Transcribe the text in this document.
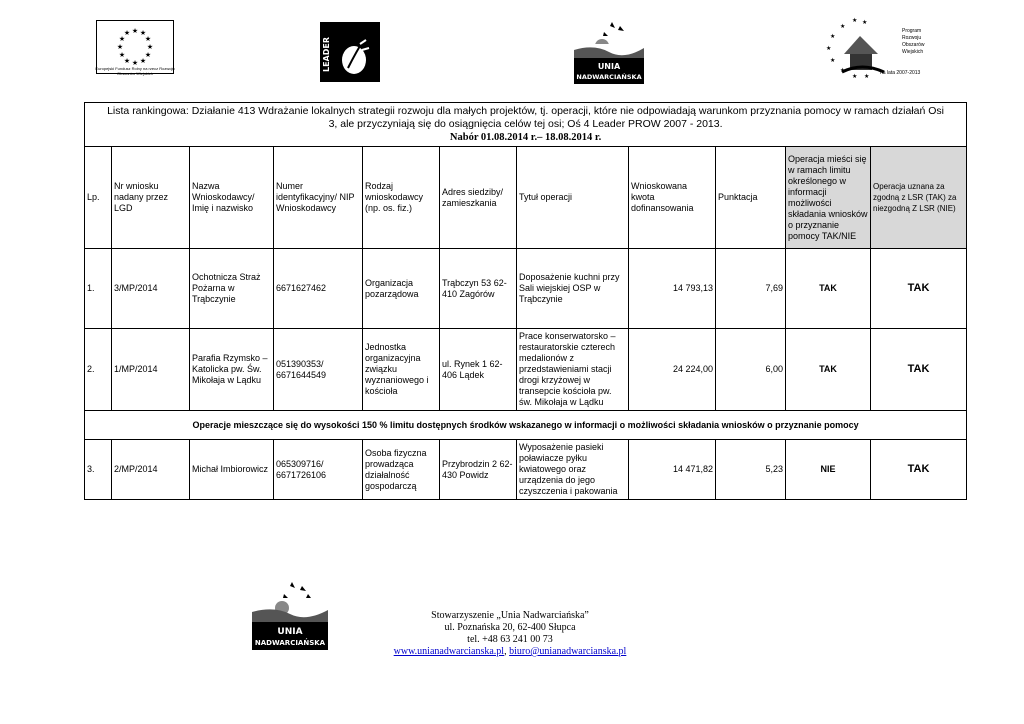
★ ★
★
★
★
★
★
★
★
★
★
★
Europejski Fundusz Rolny na rzecz Rozwoju Obszarów Wiejskich
LEADER	UNIA
NADWARCIAŃSKA
★ ★
★
★
★
★
★
★ ★
Program
Rozwoju
Obszarów
Wiejskich
na lata 2007-2013
Lista rankingowa: Działanie 413 Wdrażanie lokalnych strategii rozwoju dla małych projektów, tj. operacji, które nie odpowiadają warunkom przyznania pomocy w ramach działań Osi
3, ale przyczyniają się do osiągnięcia celów tej osi; Oś 4 Leader PROW 2007 - 2013.
Nabór 01.08.2014 r.– 18.08.2014 r.										

Lp.	Nr wniosku nadany przez LGD	Nazwa Wnioskodawcy/ Imię i nazwisko	Numer identyfikacyjny/ NIP Wnioskodawcy	Rodzaj wnioskodawcy (np. os. fiz.)	Adres siedziby/ zamieszkania	Tytuł operacji	Wnioskowana kwota dofinansowania	Punktacja	Operacja mieści się w ramach limitu określonego w informacji możliwości składania wniosków o przyznanie pomocy TAK/NIE	Operacja uznana za zgodną z LSR (TAK) za niezgodną Z LSR (NIE)
1.	3/MP/2014	Ochotnicza Straż Pożarna w Trąbczynie	6671627462	Organizacja pozarządowa	Trąbczyn 53 62-410 Zagórów	Doposażenie kuchni przy Sali wiejskiej OSP w Trąbczynie	14 793,13	7,69	TAK	TAK
2.	1/MP/2014	Parafia Rzymsko – Katolicka pw. Św. Mikołaja w Lądku	051390353/ 6671644549	Jednostka organizacyjna związku wyznaniowego i kościoła	ul. Rynek 1 62-406 Lądek	Prace konserwatorsko – restauratorskie czterech medalionów z przedstawieniami stacji drogi krzyżowej w transepcie kościoła pw. św. Mikołaja w Lądku	24 224,00	6,00	TAK	TAK
Operacje mieszczące się do wysokości 150 % limitu dostępnych środków wskazanego w informacji o możliwości składania wniosków o przyznanie pomocy										
3.	2/MP/2014	Michał Imbiorowicz	065309716/ 6671726106	Osoba fizyczna prowadząca działalność gospodarczą	Przybrodzin 2 62-430 Powidz	Wyposażenie pasieki poławiacze pyłku kwiatowego oraz urządzenia do jego czyszczenia i pakowania	14 471,82	5,23	NIE	TAK
UNIA
NADWARCIAŃSKA
Stowarzyszenie „Unia Nadwarciańska”
ul. Poznańska 20, 62-400 Słupca
tel. +48 63 241 00 73
www.unianadwarcianska.pl, biuro@unianadwarcianska.pl
